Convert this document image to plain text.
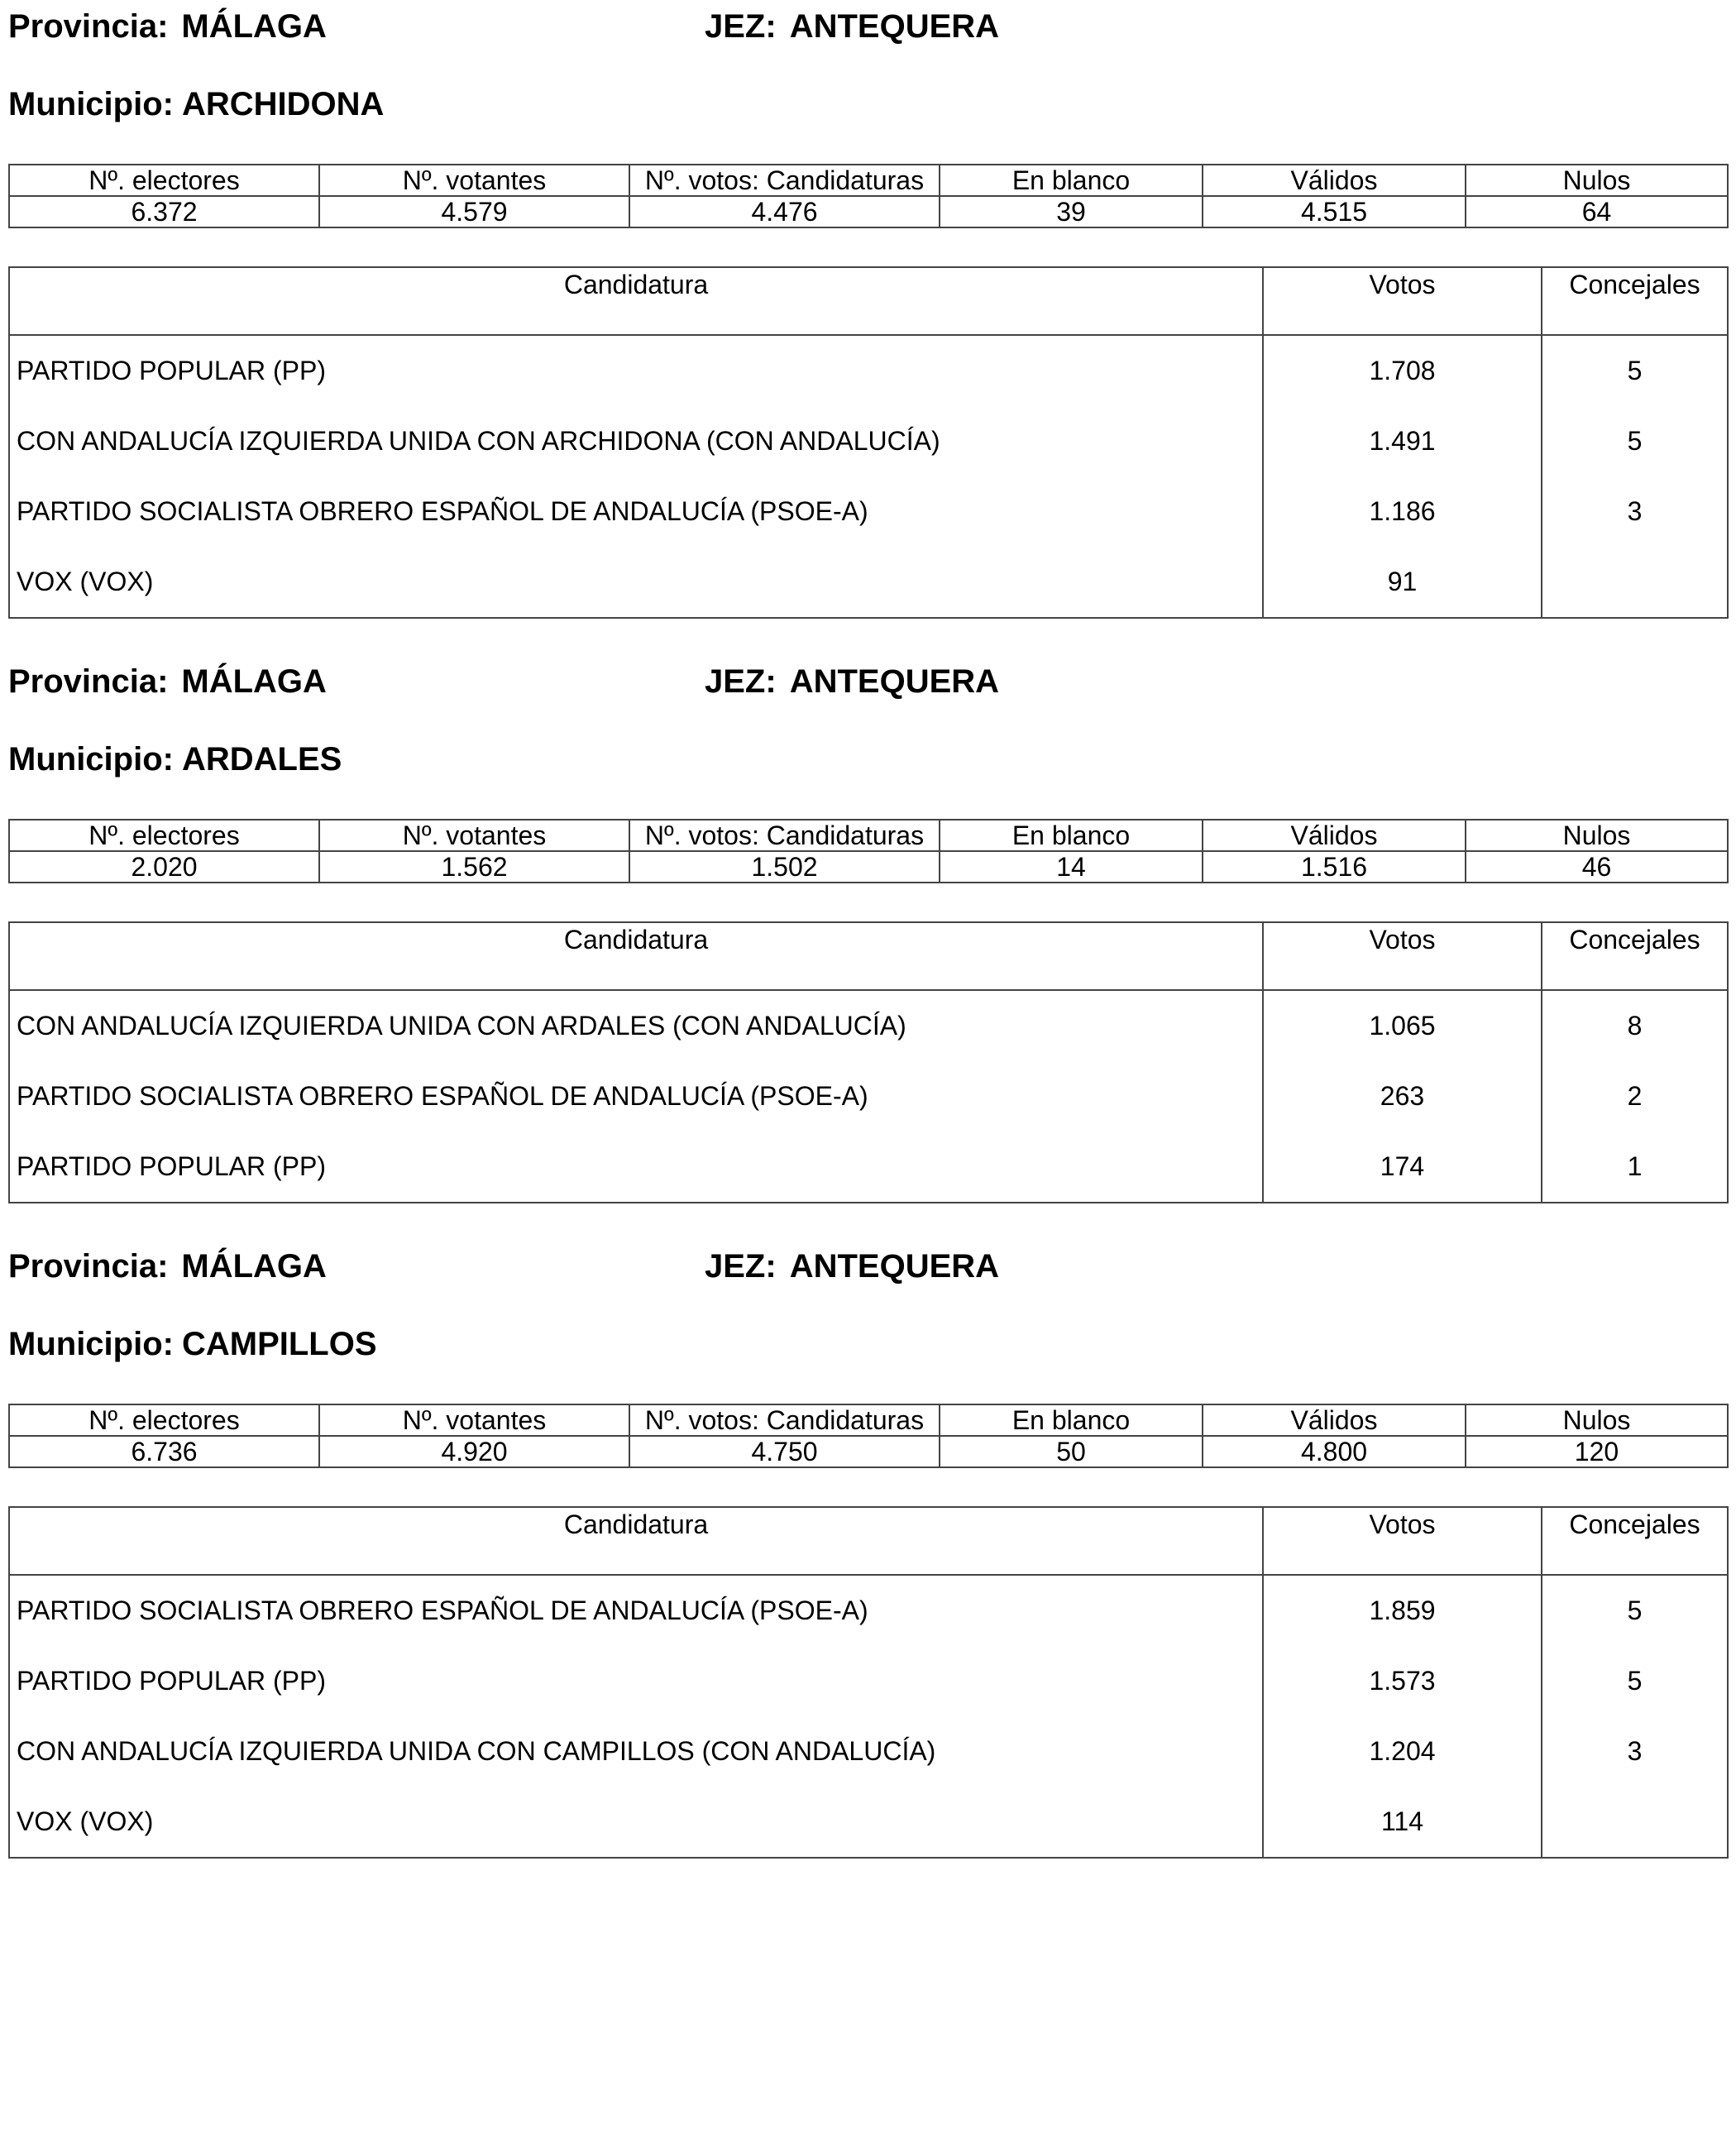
Provincia: MÁLAGA	JEZ: ANTEQUERA
Municipio: ARCHIDONA
Nº. electores	Nº. votantes	Nº. votos: Candidaturas	En blanco	Válidos	Nulos
6.372	4.579	4.476	39	4.515	64
Candidatura	Votos	Concejales
PARTIDO POPULAR (PP)	1.708	5
CON ANDALUCÍA IZQUIERDA UNIDA CON ARCHIDONA (CON ANDALUCÍA)	1.491	5
PARTIDO SOCIALISTA OBRERO ESPAÑOL DE ANDALUCÍA (PSOE-A)	1.186	3
VOX (VOX)	91	
Provincia: MÁLAGA	JEZ: ANTEQUERA
Municipio: ARDALES
Nº. electores	Nº. votantes	Nº. votos: Candidaturas	En blanco	Válidos	Nulos
2.020	1.562	1.502	14	1.516	46
Candidatura	Votos	Concejales
CON ANDALUCÍA IZQUIERDA UNIDA CON ARDALES (CON ANDALUCÍA)	1.065	8
PARTIDO SOCIALISTA OBRERO ESPAÑOL DE ANDALUCÍA (PSOE-A)	263	2
PARTIDO POPULAR (PP)	174	1
Provincia: MÁLAGA	JEZ: ANTEQUERA
Municipio: CAMPILLOS
Nº. electores	Nº. votantes	Nº. votos: Candidaturas	En blanco	Válidos	Nulos
6.736	4.920	4.750	50	4.800	120
Candidatura	Votos	Concejales
PARTIDO SOCIALISTA OBRERO ESPAÑOL DE ANDALUCÍA (PSOE-A)	1.859	5
PARTIDO POPULAR (PP)	1.573	5
CON ANDALUCÍA IZQUIERDA UNIDA CON CAMPILLOS (CON ANDALUCÍA)	1.204	3
VOX (VOX)	114	
